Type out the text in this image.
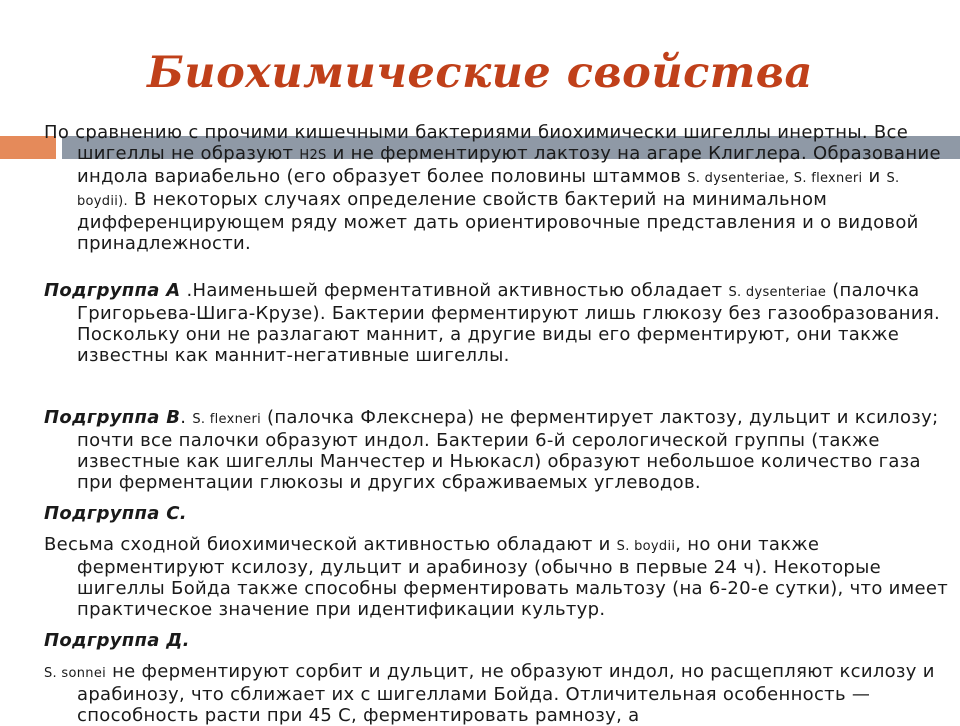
Биохимические свойства

По сравнению с прочими кишечными бактериями биохимически шигеллы инертны. Все шигеллы не образуют H2S и не ферментируют лактозу на агаре Клиглера. Образование индола вариабельно (его образует более половины штаммов S. dysenteriae, S. flexneri и S. boydii). В некоторых случаях определение свойств бактерий на минимальном дифференцирующем ряду может дать ориентировочные представления и о видовой принадлежности.

Подгруппа А .Наименьшей ферментативной активностью обладает S. dysenteriae (палочка Григорьева-Шига-Крузе). Бактерии ферментируют лишь глюкозу без газообразования. Поскольку они не разлагают маннит, а другие виды его ферментируют, они также известны как маннит-негативные шигеллы.

Подгруппа В. S. flexneri (палочка Флекснера) не ферментирует лактозу, дульцит и ксилозу; почти все палочки образуют индол. Бактерии 6-й серологической группы (также известные как шигеллы Манчестер и Ньюкасл) образуют небольшое количество газа при ферментации глюкозы и других сбраживаемых углеводов.

Подгруппа С.

Весьма сходной биохимической активностью обладают и S. boydii, но они также ферментируют ксилозу, дульцит и арабинозу (обычно в первые 24 ч). Некоторые шигеллы Бойда также способны ферментировать мальтозу (на 6-20-е сутки), что имеет практическое значение при идентификации культур.

Подгруппа Д.

S. sonnei не ферментируют сорбит и дульцит, не образуют индол, но расщепляют ксилозу и арабинозу, что сближает их с шигеллами Бойда. Отличительная особенность — способность расти при 45 С, ферментировать рамнозу, а
